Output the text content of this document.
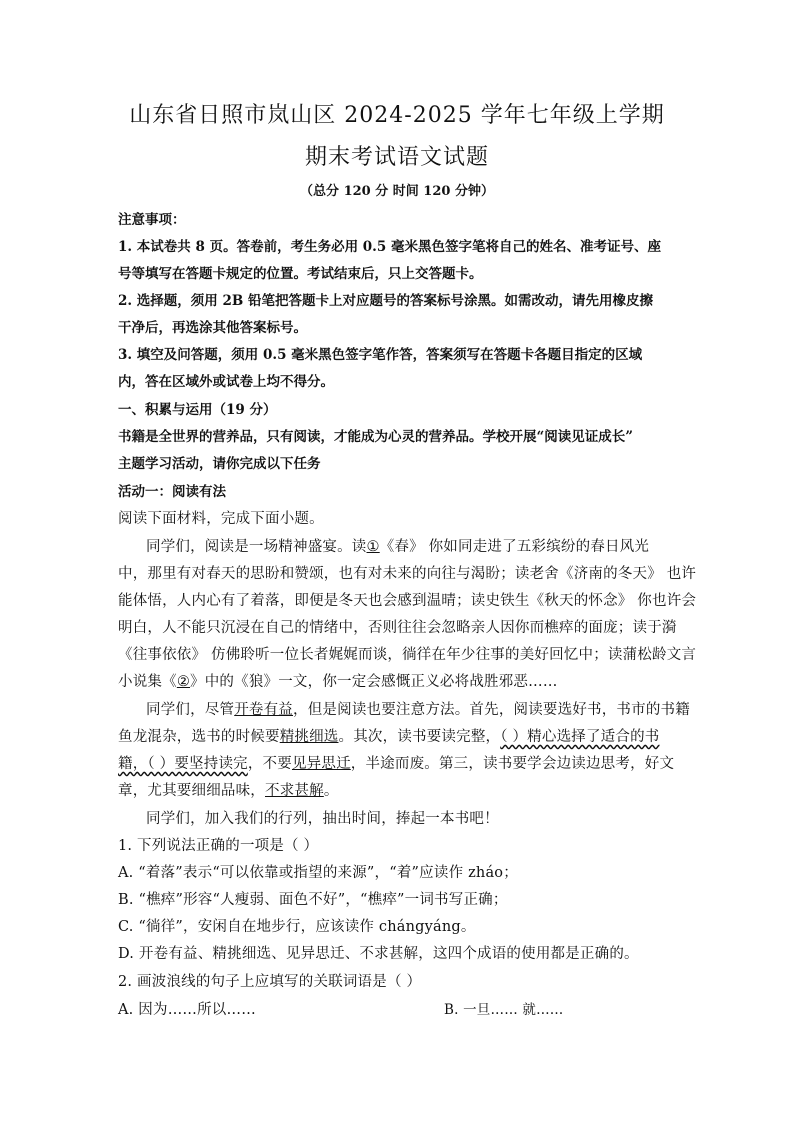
山东省日照市岚山区 2024-2025 学年七年级上学期
期末考试语文试题
（总分 120 分 时间 120 分钟）
注意事项：
1. 本试卷共 8 页。答卷前，考生务必用 0.5 毫米黑色签字笔将自己的姓名、准考证号、座
号等填写在答题卡规定的位置。考试结束后，只上交答题卡。
2. 选择题，须用 2B 铅笔把答题卡上对应题号的答案标号涂黑。如需改动，请先用橡皮擦
干净后，再选涂其他答案标号。
3. 填空及问答题，须用 0.5 毫米黑色签字笔作答，答案须写在答题卡各题目指定的区域
内，答在区域外或试卷上均不得分。
一、积累与运用（19 分）
书籍是全世界的营养品，只有阅读，才能成为心灵的营养品。学校开展“阅读见证成长”
主题学习活动，请你完成以下任务
活动一：阅读有法
阅读下面材料，完成下面小题。
同学们，阅读是一场精神盛宴。读①《春》 你如同走进了五彩缤纷的春日风光
中，那里有对春天的思盼和赞颂，也有对未来的向往与渴盼；读老舍《济南的冬天》 也许
能体悟，人内心有了着落，即便是冬天也会感到温晴；读史铁生《秋天的怀念》 你也许会
明白，人不能只沉浸在自己的情绪中，否则往往会忽略亲人因你而樵瘁的面庞；读于漪
《往事依依》 仿佛聆听一位长者娓娓而谈，徜徉在年少往事的美好回忆中；读蒲松龄文言
小说集《②》中的《狼》一文，你一定会感慨正义必将战胜邪恶……
同学们，尽管开卷有益，但是阅读也要注意方法。首先，阅读要选好书，书市的书籍
鱼龙混杂，选书的时候要精挑细选。其次，读书要读完整，（ ）精心选择了适合的书
籍，（ ）要坚持读完，不要见异思迁，半途而废。第三，读书要学会边读边思考，好文
章，尤其要细细品味，不求甚解。
同学们，加入我们的行列，抽出时间，捧起一本书吧！
1. 下列说法正确的一项是（ ）
A. “着落”表示“可以依靠或指望的来源”，“着”应读作 zháo；
B. “樵瘁”形容“人瘦弱、面色不好”，“樵瘁”一词书写正确；
C. “徜徉”，安闲自在地步行，应该读作 chángyáng。
D. 开卷有益、精挑细选、见异思迁、不求甚解，这四个成语的使用都是正确的。
2. 画波浪线的句子上应填写的关联词语是（ ）
A. 因为……所以……	B. 一旦…… 就……
